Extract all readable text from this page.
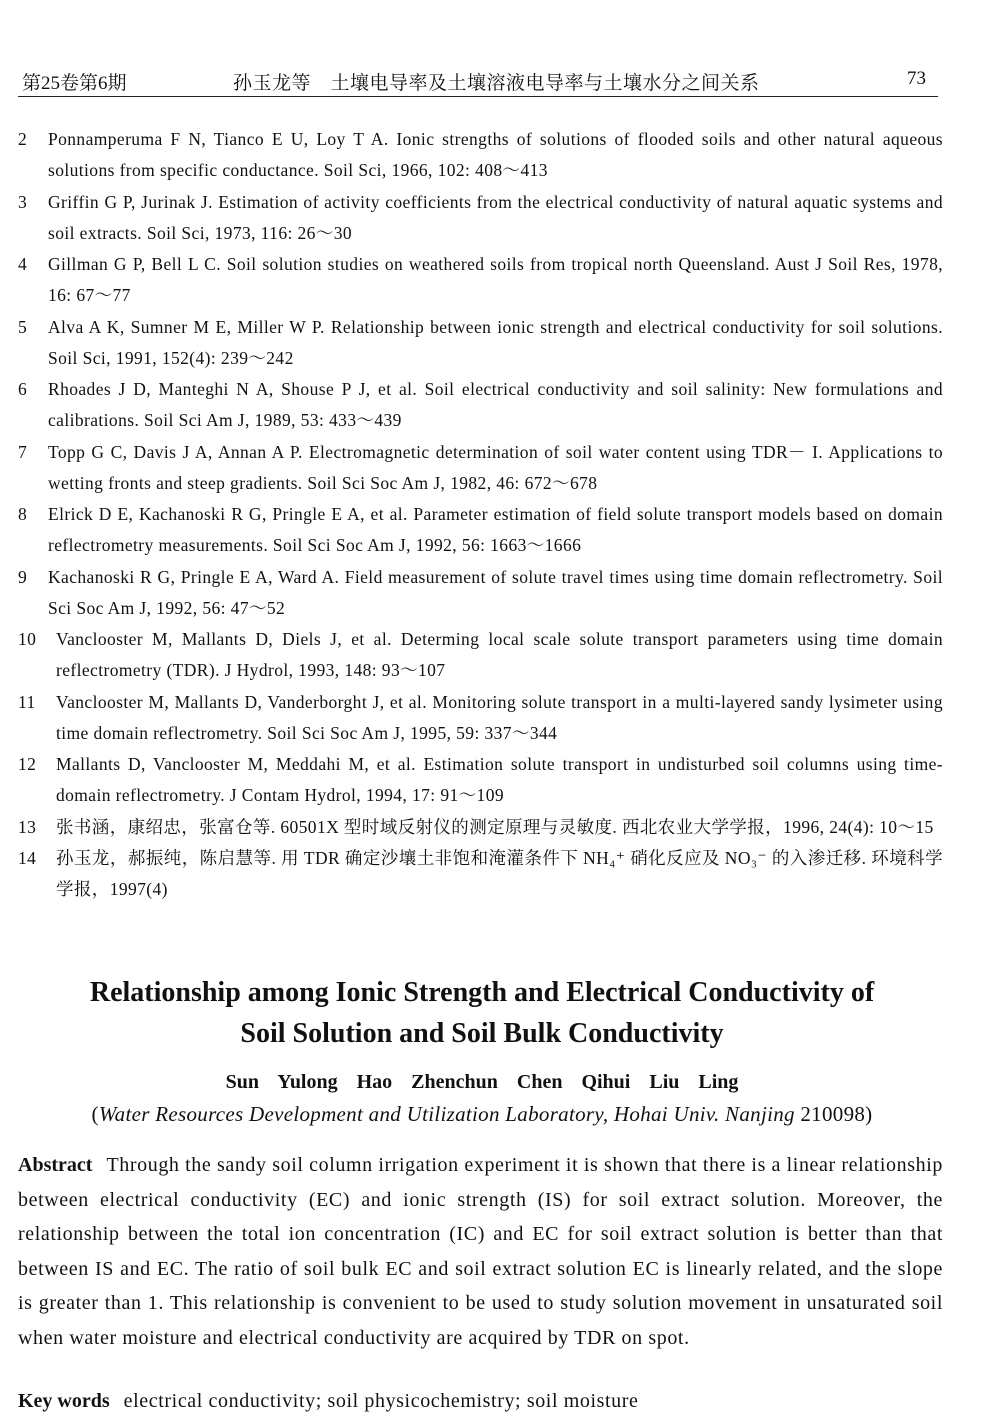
第25卷第6期	孙玉龙等　土壤电导率及土壤溶液电导率与土壤水分之间关系	73
2	Ponnamperuma F N, Tianco E U, Loy T A. Ionic strengths of solutions of flooded soils and other natural aqueous solutions from specific conductance. Soil Sci, 1966, 102: 408～413
3	Griffin G P, Jurinak J. Estimation of activity coefficients from the electrical conductivity of natural aquatic systems and soil extracts. Soil Sci, 1973, 116: 26～30
4	Gillman G P, Bell L C. Soil solution studies on weathered soils from tropical north Queensland. Aust J Soil Res, 1978, 16: 67～77
5	Alva A K, Sumner M E, Miller W P. Relationship between ionic strength and electrical conductivity for soil solutions. Soil Sci, 1991, 152(4): 239～242
6	Rhoades J D, Manteghi N A, Shouse P J, et al. Soil electrical conductivity and soil salinity: New formulations and calibrations. Soil Sci Am J, 1989, 53: 433～439
7	Topp G C, Davis J A, Annan A P. Electromagnetic determination of soil water content using TDR－ I. Applications to wetting fronts and steep gradients. Soil Sci Soc Am J, 1982, 46: 672～678
8	Elrick D E, Kachanoski R G, Pringle E A, et al. Parameter estimation of field solute transport models based on domain reflectrometry measurements. Soil Sci Soc Am J, 1992, 56: 1663～1666
9	Kachanoski R G, Pringle E A, Ward A. Field measurement of solute travel times using time domain reflectrometry. Soil Sci Soc Am J, 1992, 56: 47～52
10	Vanclooster M, Mallants D, Diels J, et al. Determing local scale solute transport parameters using time domain reflectrometry (TDR). J Hydrol, 1993, 148: 93～107
11	Vanclooster M, Mallants D, Vanderborght J, et al. Monitoring solute transport in a multi-layered sandy lysimeter using time domain reflectrometry. Soil Sci Soc Am J, 1995, 59: 337～344
12	Mallants D, Vanclooster M, Meddahi M, et al. Estimation solute transport in undisturbed soil columns using time-domain reflectrometry. J Contam Hydrol, 1994, 17: 91～109
13	张书涵，康绍忠，张富仓等. 60501X 型时域反射仪的测定原理与灵敏度. 西北农业大学学报，1996, 24(4): 10～15
14	孙玉龙，郝振纯，陈启慧等. 用 TDR 确定沙壤土非饱和淹灌条件下 NH₄⁺ 硝化反应及 NO₃⁻ 的入渗迁移. 环境科学学报，1997(4)
Relationship among Ionic Strength and Electrical Conductivity of
Soil Solution and Soil Bulk Conductivity
Sun Yulong Hao Zhenchun Chen Qihui Liu Ling
(Water Resources Development and Utilization Laboratory, Hohai Univ. Nanjing 210098)
Abstract Through the sandy soil column irrigation experiment it is shown that there is a linear relationship between electrical conductivity (EC) and ionic strength (IS) for soil extract solution. Moreover, the relationship between the total ion concentration (IC) and EC for soil extract solution is better than that between IS and EC. The ratio of soil bulk EC and soil extract solution EC is linearly related, and the slope is greater than 1. This relationship is convenient to be used to study solution movement in unsaturated soil when water moisture and electrical conductivity are acquired by TDR on spot.
Key words electrical conductivity; soil physicochemistry; soil moisture
